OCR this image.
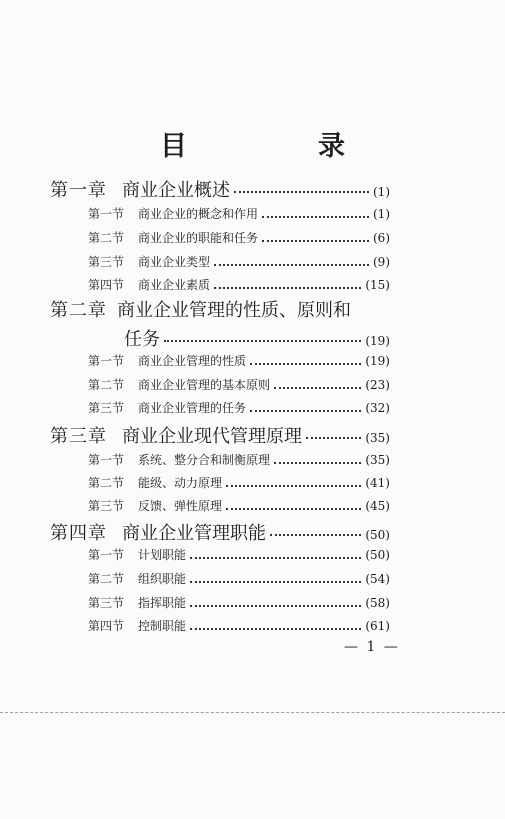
目　录
第一章 商业企业概述	(1)
第一节	商业企业的概念和作用	(1)
第二节	商业企业的职能和任务	(6)
第三节	商业企业类型	(9)
第四节	商业企业素质	(15)
第二章 商业企业管理的性质、原则和
任务	(19)
第一节	商业企业管理的性质	(19)
第二节	商业企业管理的基本原则	(23)
第三节	商业企业管理的任务	(32)
第三章 商业企业现代管理原理	(35)
第一节	系统、整分合和制衡原理	(35)
第二节	能级、动力原理	(41)
第三节	反馈、弹性原理	(45)
第四章 商业企业管理职能	(50)
第一节	计划职能	(50)
第二节	组织职能	(54)
第三节	指挥职能	(58)
第四节	控制职能	(61)
— 1 —
